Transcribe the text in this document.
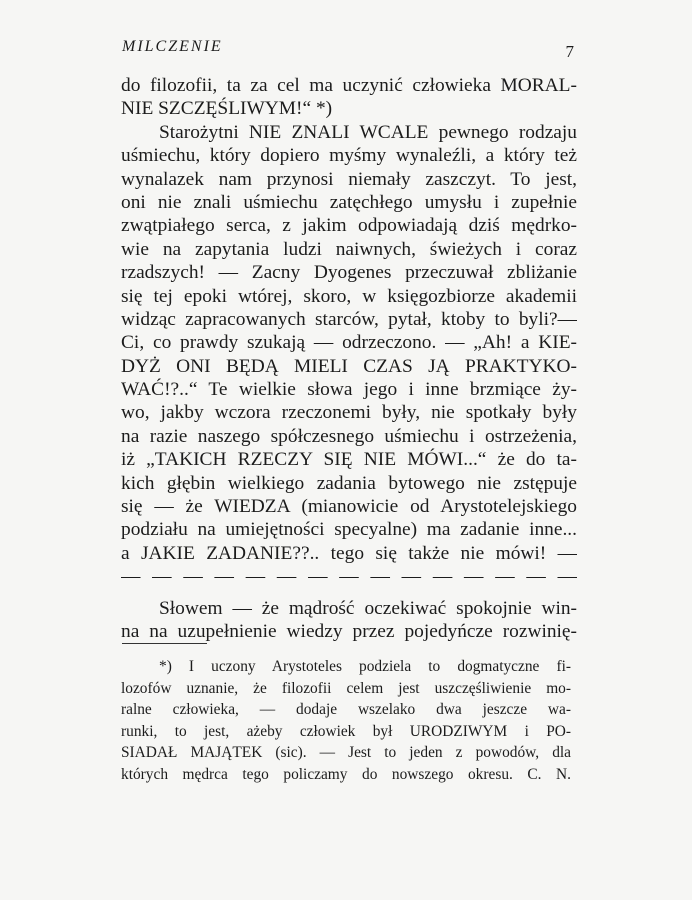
MILCZENIE	7
do filozofii, ta za cel ma uczynić człowieka MORAL-
NIE SZCZĘŚLIWYM!“ *)
Starożytni NIE ZNALI WCALE pewnego rodzaju
uśmiechu, który dopiero myśmy wynaleźli, a który też
wynalazek nam przynosi niemały zaszczyt. To jest,
oni nie znali uśmiechu zatęchłego umysłu i zupełnie
zwątpiałego serca, z jakim odpowiadają dziś mędrko-
wie na zapytania ludzi naiwnych, świeżych i coraz
rzadszych! — Zacny Dyogenes przeczuwał zbliżanie
się tej epoki wtórej, skoro, w księgozbiorze akademii
widząc zapracowanych starców, pytał, ktoby to byli?—
Ci, co prawdy szukają — odrzeczono. — „Ah! a KIE-
DYŻ ONI BĘDĄ MIELI CZAS JĄ PRAKTYKO-
WAĆ!?..“ Te wielkie słowa jego i inne brzmiące ży-
wo, jakby wczora rzeczonemi były, nie spotkały były
na razie naszego spółczesnego uśmiechu i ostrzeżenia,
iż „TAKICH RZECZY SIĘ NIE MÓWI...“ że do ta-
kich głębin wielkiego zadania bytowego nie zstępuje
się — że WIEDZA (mianowicie od Arystotelejskiego
podziału na umiejętności specyalne) ma zadanie inne...
a JAKIE ZADANIE??.. tego się także nie mówi! —
— — — — — — — — — — — — — — —
Słowem — że mądrość oczekiwać spokojnie win-
na na uzupełnienie wiedzy przez pojedyńcze rozwinię-
*) I uczony Arystoteles podziela to dogmatyczne fi-
lozofów uznanie, że filozofii celem jest uszczęśliwienie mo-
ralne człowieka, — dodaje wszelako dwa jeszcze wa-
runki, to jest, ażeby człowiek był URODZIWYM i PO-
SIADAŁ MAJĄTEK (sic). — Jest to jeden z powodów, dla
których mędrca tego policzamy do nowszego okresu. C. N.
